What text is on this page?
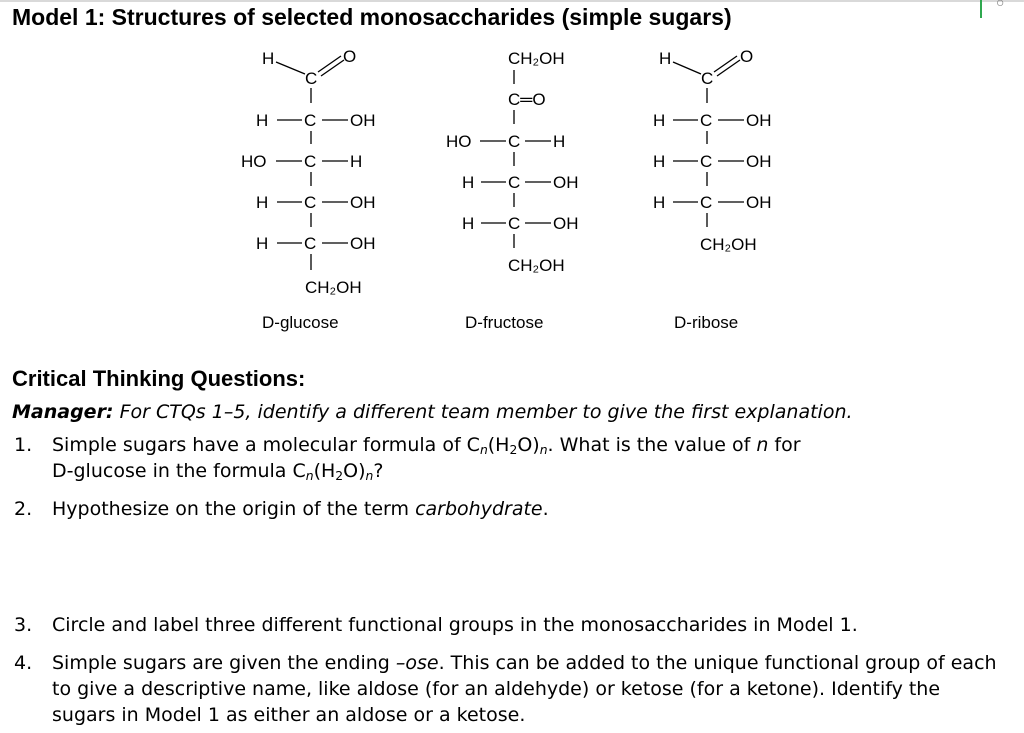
○
Model 1: Structures of selected monosaccharides (simple sugars)
H	O
C
H C OH
HO C H
H C OH
H C OH
CH₂OH
D-glucose
CH₂OH
C═O
HO C H
H C OH
H C OH
CH₂OH
D-fructose
H	O
C
H C OH
H C OH
H C OH
CH₂OH
D-ribose
Critical Thinking Questions:
Manager: For CTQs 1–5, identify a different team member to give the first explanation.
1. Simple sugars have a molecular formula of $C_n(H_2O)_n$. What is the value of n for
D-glucose in the formula $C_n(H_2O)_n$?
2. Hypothesize on the origin of the term carbohydrate.
3. Circle and label three different functional groups in the monosaccharides in Model 1.
4. Simple sugars are given the ending –ose. This can be added to the unique functional group of each to give a descriptive name, like aldose (for an aldehyde) or ketose (for a ketone). Identify the sugars in Model 1 as either an aldose or a ketose.
